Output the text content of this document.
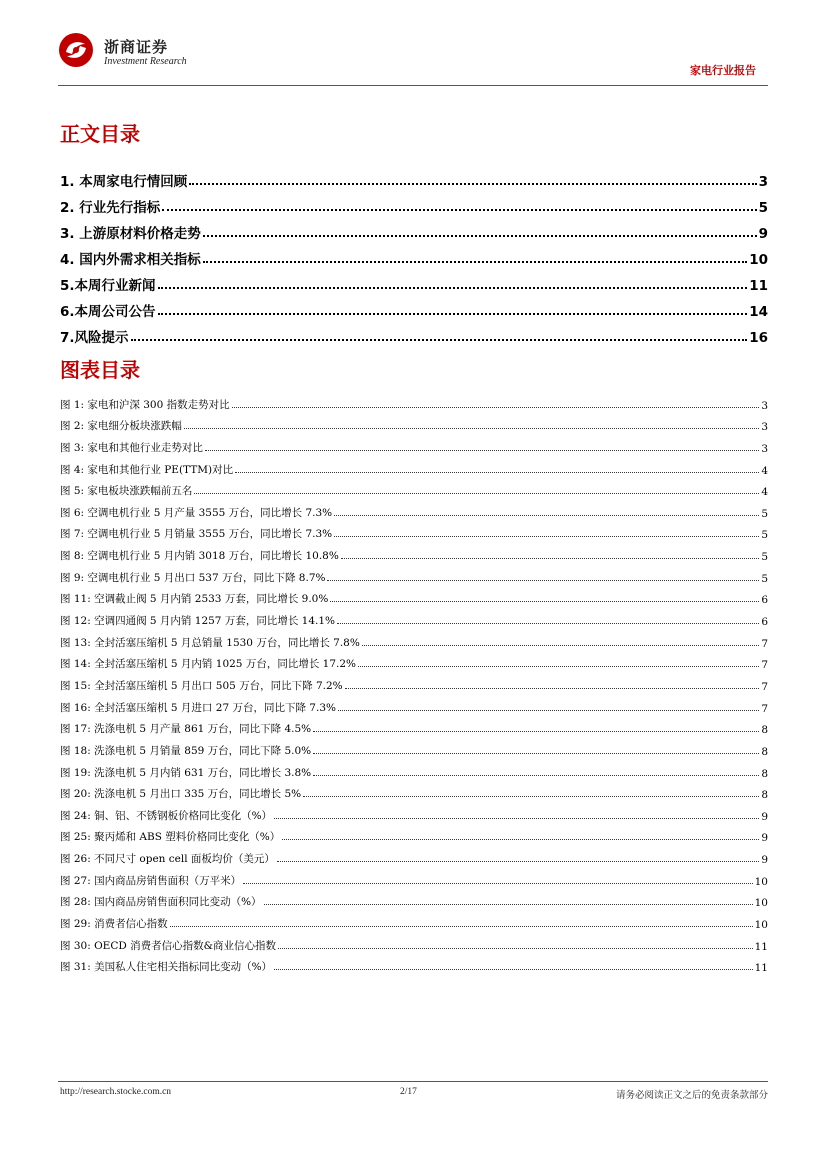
浙商证券
Investment Research
家电行业报告
正文目录
1. 本周家电行情回顾	3
2. 行业先行指标	5
3. 上游原材料价格走势	9
4. 国内外需求相关指标	10
5.本周行业新闻	11
6.本周公司公告	14
7.风险提示	16
图表目录
图 1: 家电和沪深 300 指数走势对比	3
图 2: 家电细分板块涨跌幅	3
图 3: 家电和其他行业走势对比	3
图 4: 家电和其他行业 PE(TTM)对比	4
图 5: 家电板块涨跌幅前五名	4
图 6: 空调电机行业 5 月产量 3555 万台，同比增长 7.3%	5
图 7: 空调电机行业 5 月销量 3555 万台，同比增长 7.3%	5
图 8: 空调电机行业 5 月内销 3018 万台，同比增长 10.8%	5
图 9: 空调电机行业 5 月出口 537 万台，同比下降 8.7%	5
图 11: 空调截止阀 5 月内销 2533 万套，同比增长 9.0%	6
图 12: 空调四通阀 5 月内销 1257 万套，同比增长 14.1%	6
图 13: 全封活塞压缩机 5 月总销量 1530 万台，同比增长 7.8%	7
图 14: 全封活塞压缩机 5 月内销 1025 万台，同比增长 17.2%	7
图 15: 全封活塞压缩机 5 月出口 505 万台，同比下降 7.2%	7
图 16: 全封活塞压缩机 5 月进口 27 万台，同比下降 7.3%	7
图 17: 洗涤电机 5 月产量 861 万台，同比下降 4.5%	8
图 18: 洗涤电机 5 月销量 859 万台，同比下降 5.0%	8
图 19: 洗涤电机 5 月内销 631 万台，同比增长 3.8%	8
图 20: 洗涤电机 5 月出口 335 万台，同比增长 5%	8
图 24: 铜、铝、不锈钢板价格同比变化（%）	9
图 25: 聚丙烯和 ABS 塑料价格同比变化（%）	9
图 26: 不同尺寸 open cell 面板均价（美元）	9
图 27: 国内商品房销售面积（万平米）	10
图 28: 国内商品房销售面积同比变动（%）	10
图 29: 消费者信心指数	10
图 30: OECD 消费者信心指数&商业信心指数	11
图 31: 美国私人住宅相关指标同比变动（%）	11
http://research.stocke.com.cn	2/17	请务必阅读正文之后的免责条款部分
